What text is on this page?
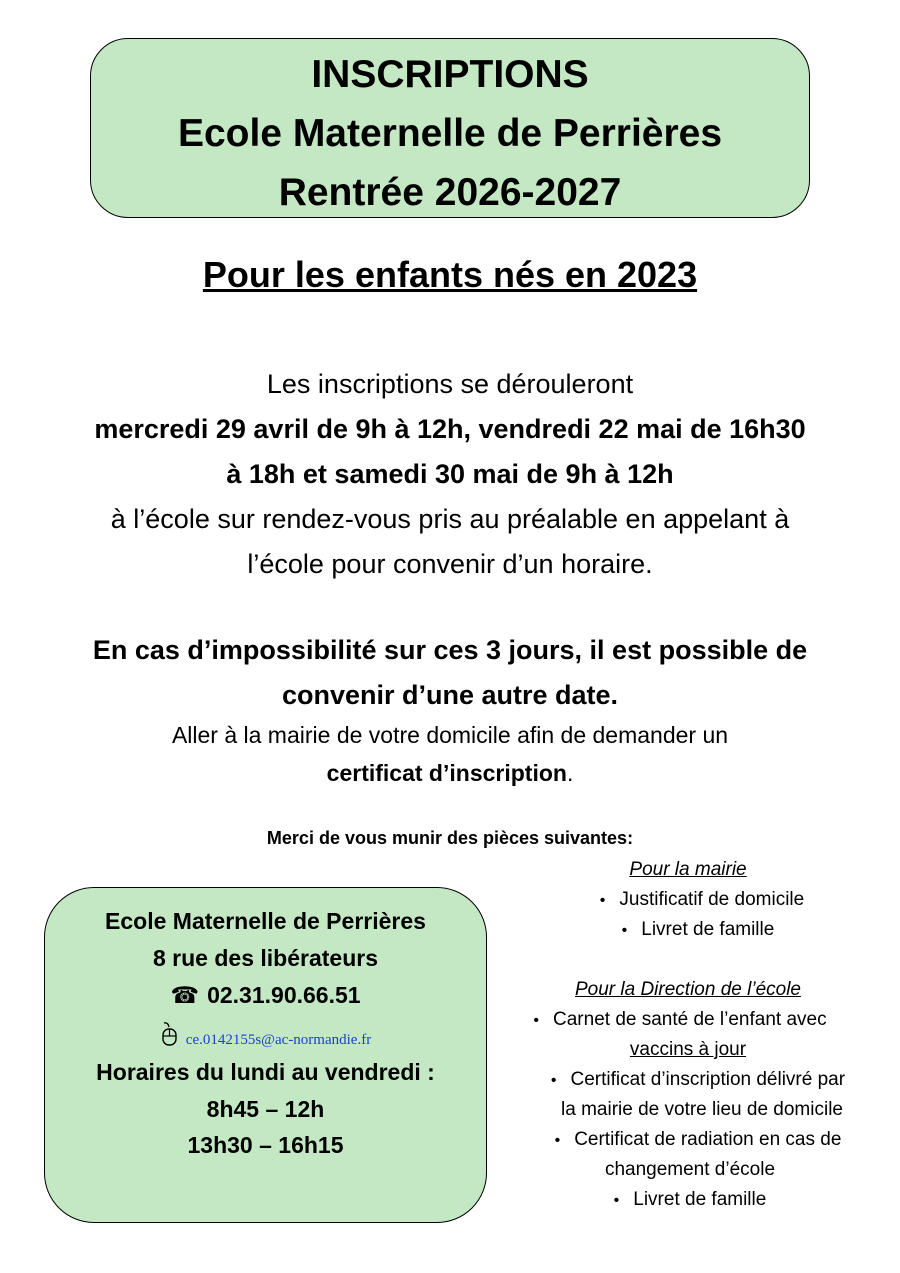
INSCRIPTIONS
Ecole Maternelle de Perrières
Rentrée 2026-2027
Pour les enfants nés en 2023
Les inscriptions se dérouleront
mercredi 29 avril de 9h à 12h, vendredi 22 mai de 16h30
à 18h et samedi 30 mai de 9h à 12h
à l’école sur rendez-vous pris au préalable en appelant à
l’école pour convenir d’un horaire.
En cas d’impossibilité sur ces 3 jours, il est possible de
convenir d’une autre date.
Aller à la mairie de votre domicile afin de demander un
certificat d’inscription.
Merci de vous munir des pièces suivantes:
Ecole Maternelle de Perrières
8 rue des libérateurs
☎ 02.31.90.66.51
ce.0142155s@ac-normandie.fr
Horaires du lundi au vendredi :
8h45 – 12h
13h30 – 16h15
Pour la mairie
• Justificatif de domicile
• Livret de famille
Pour la Direction de l’école
• Carnet de santé de l’enfant avec
vaccins à jour
• Certificat d’inscription délivré par
la mairie de votre lieu de domicile
• Certificat de radiation en cas de
changement d’école
• Livret de famille
